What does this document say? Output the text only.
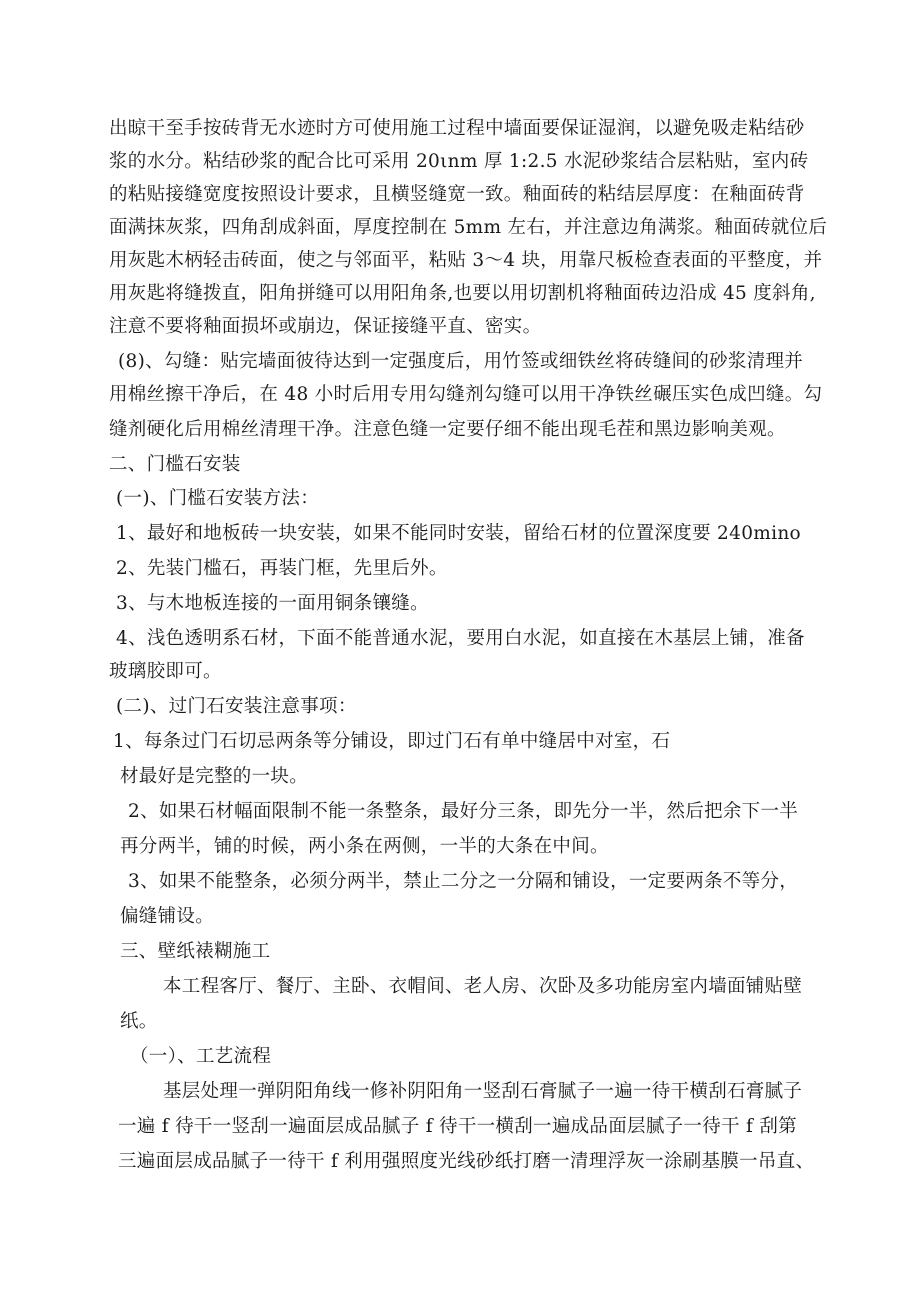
出晾干至手按砖背无水迹时方可使用施工过程中墙面要保证湿润，以避免吸走粘结砂
浆的水分。粘结砂浆的配合比可采用 20ιnm 厚 1:2.5 水泥砂浆结合层粘贴，室内砖
的粘贴接缝宽度按照设计要求，且横竖缝宽一致。釉面砖的粘结层厚度：在釉面砖背
面满抹灰浆，四角刮成斜面，厚度控制在 5mm 左右，并注意边角满浆。釉面砖就位后
用灰匙木柄轻击砖面，使之与邻面平，粘贴 3～4 块，用靠尺板检查表面的平整度，并
用灰匙将缝拨直，阳角拼缝可以用阳角条,也要以用切割机将釉面砖边沿成 45 度斜角,
注意不要将釉面损坏或崩边，保证接缝平直、密实。
(8)、勾缝：贴完墙面彼待达到一定强度后，用竹签或细铁丝将砖缝间的砂浆清理并
用棉丝擦干净后，在 48 小时后用专用勾缝剂勾缝可以用干净铁丝碾压实色成凹缝。勾
缝剂硬化后用棉丝清理干净。注意色缝一定要仔细不能出现毛茬和黑边影响美观。
二、门槛石安装
(一)、门槛石安装方法：
1、最好和地板砖一块安装，如果不能同时安装，留给石材的位置深度要 240mino
2、先装门槛石，再装门框，先里后外。
3、与木地板连接的一面用铜条镶缝。
4、浅色透明系石材，下面不能普通水泥，要用白水泥，如直接在木基层上铺，准备
玻璃胶即可。
(二)、过门石安装注意事项：
1、每条过门石切忌两条等分铺设，即过门石有单中缝居中对室，石
材最好是完整的一块。
2、如果石材幅面限制不能一条整条，最好分三条，即先分一半，然后把余下一半
再分两半，铺的时候，两小条在两侧，一半的大条在中间。
3、如果不能整条，必须分两半，禁止二分之一分隔和铺设，一定要两条不等分，
偏缝铺设。
三、壁纸裱糊施工
本工程客厅、餐厅、主卧、衣帽间、老人房、次卧及多功能房室内墙面铺贴壁
纸。
（一）、工艺流程
基层处理一弹阴阳角线一修补阴阳角一竖刮石膏腻子一遍一待干横刮石膏腻子
一遍 f 待干一竖刮一遍面层成品腻子 f 待干一横刮一遍成品面层腻子一待干 f 刮第
三遍面层成品腻子一待干 f 利用强照度光线砂纸打磨一清理浮灰一涂刷基膜一吊直、
